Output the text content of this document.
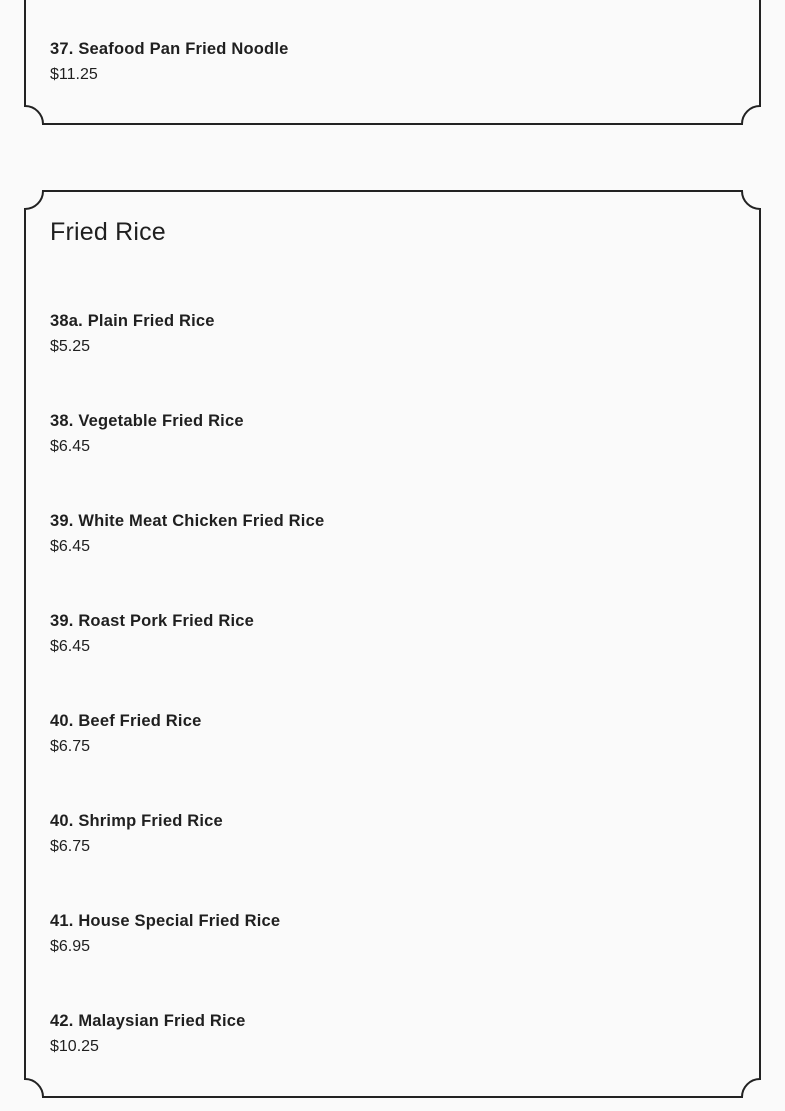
37. Seafood Pan Fried Noodle
$11.25
Fried Rice
38a. Plain Fried Rice
$5.25
38. Vegetable Fried Rice
$6.45
39. White Meat Chicken Fried Rice
$6.45
39. Roast Pork Fried Rice
$6.45
40. Beef Fried Rice
$6.75
40. Shrimp Fried Rice
$6.75
41. House Special Fried Rice
$6.95
42. Malaysian Fried Rice
$10.25
